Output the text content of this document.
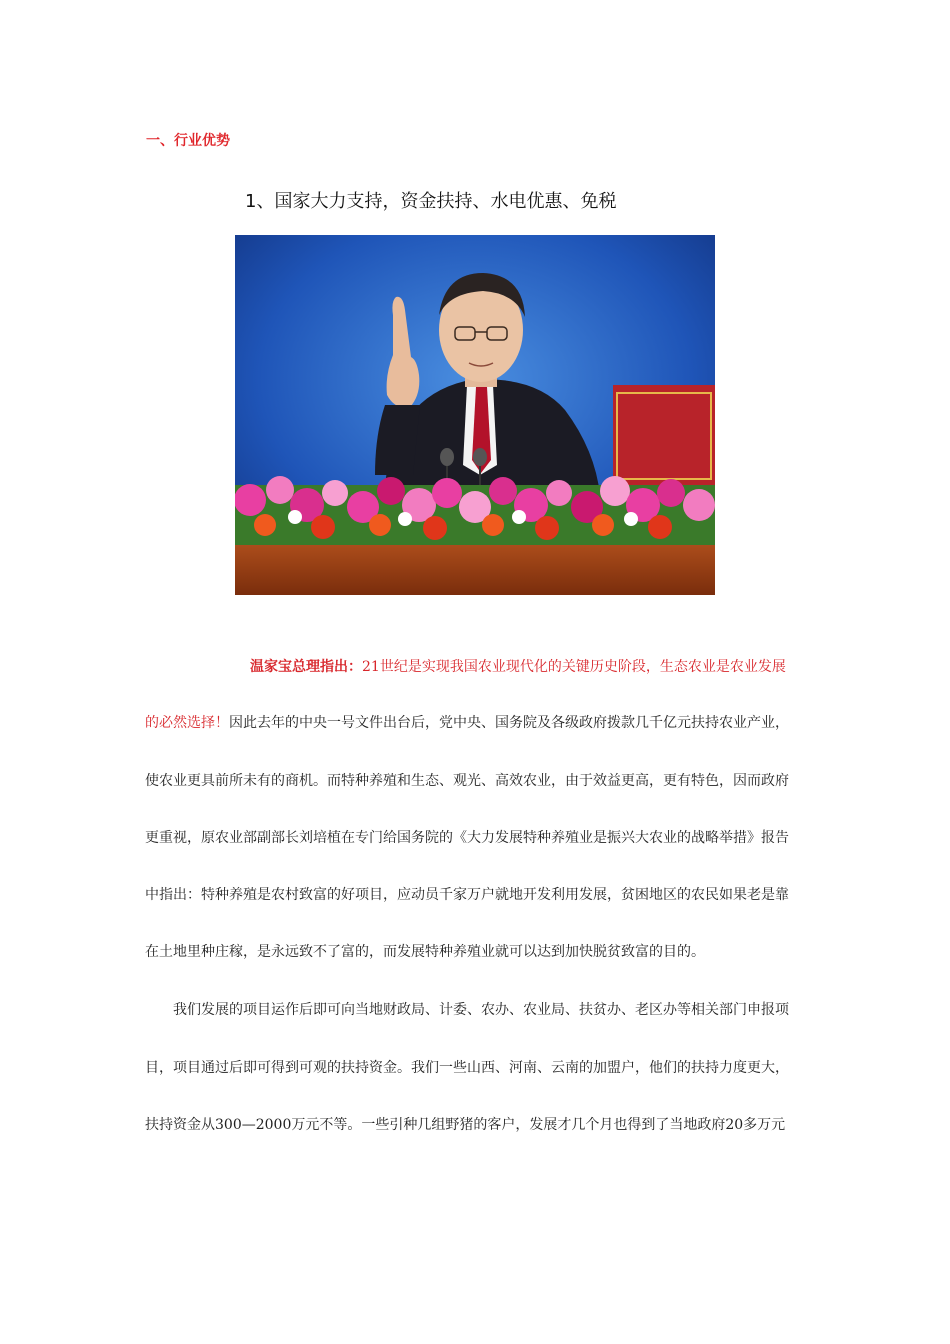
一、行业优势
1、国家大力支持，资金扶持、水电优惠、免税
温家宝总理指出：21世纪是实现我国农业现代化的关键历史阶段，生态农业是农业发展
的必然选择！因此去年的中央一号文件出台后，党中央、国务院及各级政府拨款几千亿元扶持农业产业，
使农业更具前所未有的商机。而特种养殖和生态、观光、高效农业，由于效益更高，更有特色，因而政府
更重视，原农业部副部长刘培植在专门给国务院的《大力发展特种养殖业是振兴大农业的战略举措》报告
中指出：特种养殖是农村致富的好项目，应动员千家万户就地开发利用发展，贫困地区的农民如果老是靠
在土地里种庄稼，是永远致不了富的，而发展特种养殖业就可以达到加快脱贫致富的目的。
我们发展的项目运作后即可向当地财政局、计委、农办、农业局、扶贫办、老区办等相关部门申报项
目，项目通过后即可得到可观的扶持资金。我们一些山西、河南、云南的加盟户，他们的扶持力度更大，
扶持资金从300—2000万元不等。一些引种几组野猪的客户，发展才几个月也得到了当地政府20多万元
